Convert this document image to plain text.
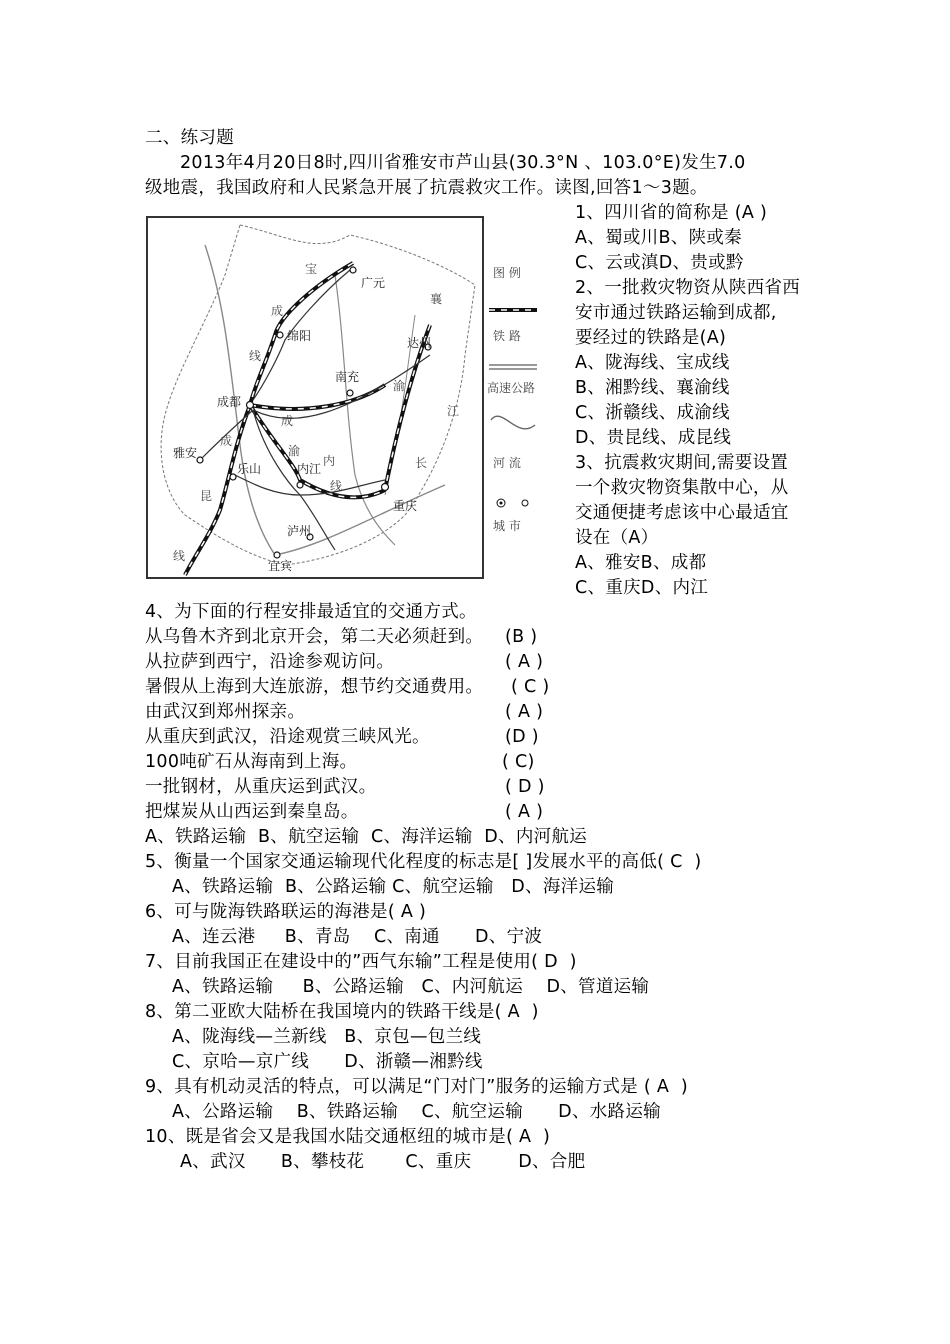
二、练习题
2013年4月20日8时,四川省雅安市芦山县(30.3°N 、103.0°E)发生7.0
级地震，我国政府和人民紧急开展了抗震救灾工作。读图,回答1～3题。
广元
绵阳	达州
南充
成都
雅安
乐山	内江
重庆
泸州
宜宾
宝
成
线
襄
渝
成
渝
江
长
成
昆
线
内
线
图 例
铁 路
高速公路
河 流
城 市
1、四川省的简称是 (A )
A、蜀或川B、陕或秦
C、云或滇D、贵或黔
2、一批救灾物资从陕西省西
安市通过铁路运输到成都,
要经过的铁路是(A)
A、陇海线、宝成线
B、湘黔线、襄渝线
C、浙赣线、成渝线
D、贵昆线、成昆线
3、抗震救灾期间,需要设置
一个救灾物资集散中心，从
交通便捷考虑该中心最适宜
设在（A）
A、雅安B、成都
C、重庆D、内江
4、为下面的行程安排最适宜的交通方式。
从乌鲁木齐到北京开会，第二天必须赶到。 (B )
从拉萨到西宁，沿途参观访问。	( A )
暑假从上海到大连旅游，想节约交通费用。 ( C )
由武汉到郑州探亲。	( A )
从重庆到武汉，沿途观赏三峡风光。	(D )
100吨矿石从海南到上海。	( C)
一批钢材，从重庆运到武汉。	( D )
把煤炭从山西运到秦皇岛。	( A )
A、铁路运输  B、航空运输  C、海洋运输  D、内河航运
5、衡量一个国家交通运输现代化程度的标志是[ ]发展水平的高低( C  )
A、铁路运输  B、公路运输 C、航空运输   D、海洋运输
6、可与陇海铁路联运的海港是( A )
A、连云港     B、青岛    C、南通      D、宁波
7、目前我国正在建设中的”西气东输”工程是使用( D  )
A、铁路运输     B、公路运输   C、内河航运    D、管道运输
8、第二亚欧大陆桥在我国境内的铁路干线是( A  )
A、陇海线—兰新线   B、京包—包兰线
C、京哈—京广线      D、浙赣—湘黔线
9、具有机动灵活的特点，可以满足“门对门”服务的运输方式是 ( A  )
A、公路运输    B、铁路运输    C、航空运输      D、水路运输
10、既是省会又是我国水陆交通枢纽的城市是( A  )
A、武汉      B、攀枝花       C、重庆        D、合肥
